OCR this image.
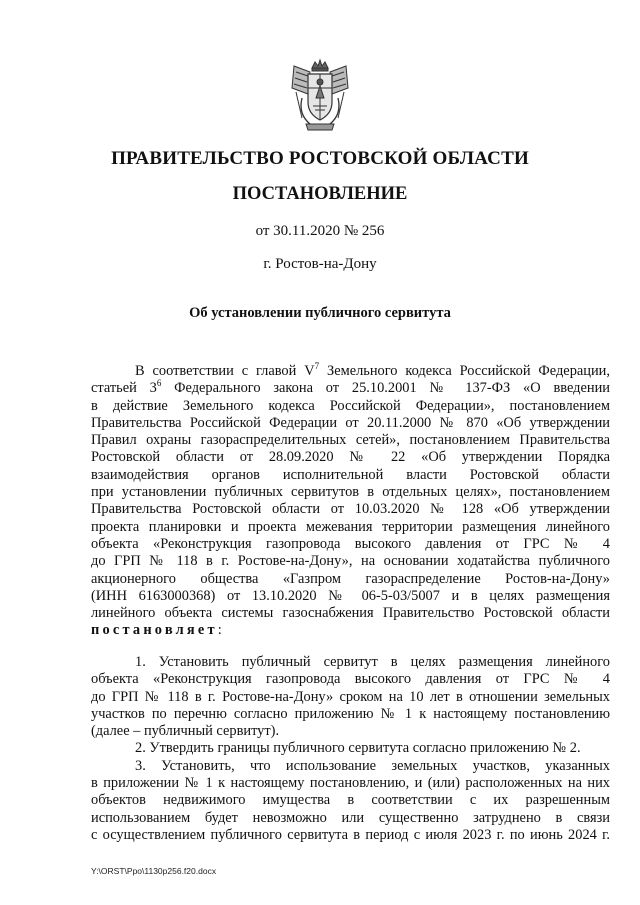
ПРАВИТЕЛЬСТВО РОСТОВСКОЙ ОБЛАСТИ
ПОСТАНОВЛЕНИЕ
от 30.11.2020 № 256
г. Ростов-на-Дону
Об установлении публичного сервитута
В соответствии с главой $V^7$ Земельного кодекса Российской Федерации,
статьей $3^6$ Федерального закона от 25.10.2001 № 137-ФЗ «О введении
в действие Земельного кодекса Российской Федерации», постановлением
Правительства Российской Федерации от 20.11.2000 № 870 «Об утверждении
Правил охраны газораспределительных сетей», постановлением Правительства
Ростовской области от 28.09.2020 № 22 «Об утверждении Порядка
взаимодействия органов исполнительной власти Ростовской области
при установлении публичных сервитутов в отдельных целях», постановлением
Правительства Ростовской области от 10.03.2020 № 128 «Об утверждении
проекта планировки и проекта межевания территории размещения линейного
объекта «Реконструкция газопровода высокого давления от ГРС № 4
до ГРП № 118 в г. Ростове-на-Дону», на основании ходатайства публичного
акционерного общества «Газпром газораспределение Ростов-на-Дону»
(ИНН 6163000368) от 13.10.2020 № 06-5-03/5007 и в целях размещения
линейного объекта системы газоснабжения Правительство Ростовской области
постановляет:
1. Установить публичный сервитут в целях размещения линейного
объекта «Реконструкция газопровода высокого давления от ГРС № 4
до ГРП № 118 в г. Ростове-на-Дону» сроком на 10 лет в отношении земельных
участков по перечню согласно приложению № 1 к настоящему постановлению
(далее – публичный сервитут).
2. Утвердить границы публичного сервитута согласно приложению № 2.
3. Установить, что использование земельных участков, указанных
в приложении № 1 к настоящему постановлению, и (или) расположенных на них
объектов недвижимого имущества в соответствии с их разрешенным
использованием будет невозможно или существенно затруднено в связи
с осуществлением публичного сервитута в период с июля 2023 г. по июнь 2024 г.
Y:\ORST\Ppo\1130p256.f20.docx
